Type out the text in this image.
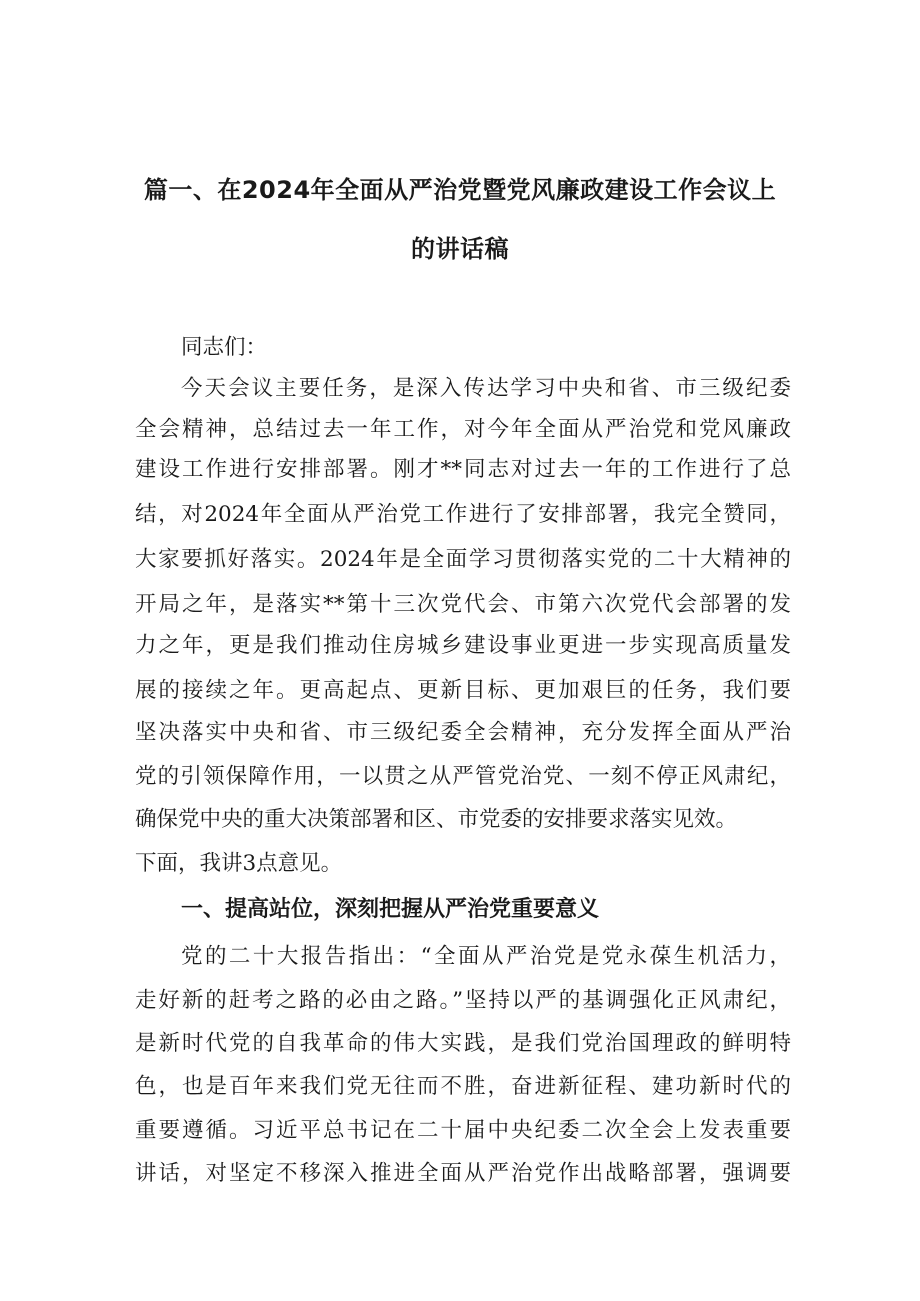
篇一、在2024年全面从严治党暨党风廉政建设工作会议上
的讲话稿
同志们：
今天会议主要任务，是深入传达学习中央和省、市三级纪委
全会精神，总结过去一年工作，对今年全面从严治党和党风廉政
建设工作进行安排部署。刚才**同志对过去一年的工作进行了总
结，对2024年全面从严治党工作进行了安排部署，我完全赞同，
大家要抓好落实。2024年是全面学习贯彻落实党的二十大精神的
开局之年，是落实**第十三次党代会、市第六次党代会部署的发
力之年，更是我们推动住房城乡建设事业更进一步实现高质量发
展的接续之年。更高起点、更新目标、更加艰巨的任务，我们要
坚决落实中央和省、市三级纪委全会精神，充分发挥全面从严治
党的引领保障作用，一以贯之从严管党治党、一刻不停正风肃纪，
确保党中央的重大决策部署和区、市党委的安排要求落实见效。
下面，我讲3点意见。
一、提高站位，深刻把握从严治党重要意义
党的二十大报告指出：“全面从严治党是党永葆生机活力，
走好新的赶考之路的必由之路。”坚持以严的基调强化正风肃纪，
是新时代党的自我革命的伟大实践，是我们党治国理政的鲜明特
色，也是百年来我们党无往而不胜，奋进新征程、建功新时代的
重要遵循。习近平总书记在二十届中央纪委二次全会上发表重要
讲话，对坚定不移深入推进全面从严治党作出战略部署，强调要
